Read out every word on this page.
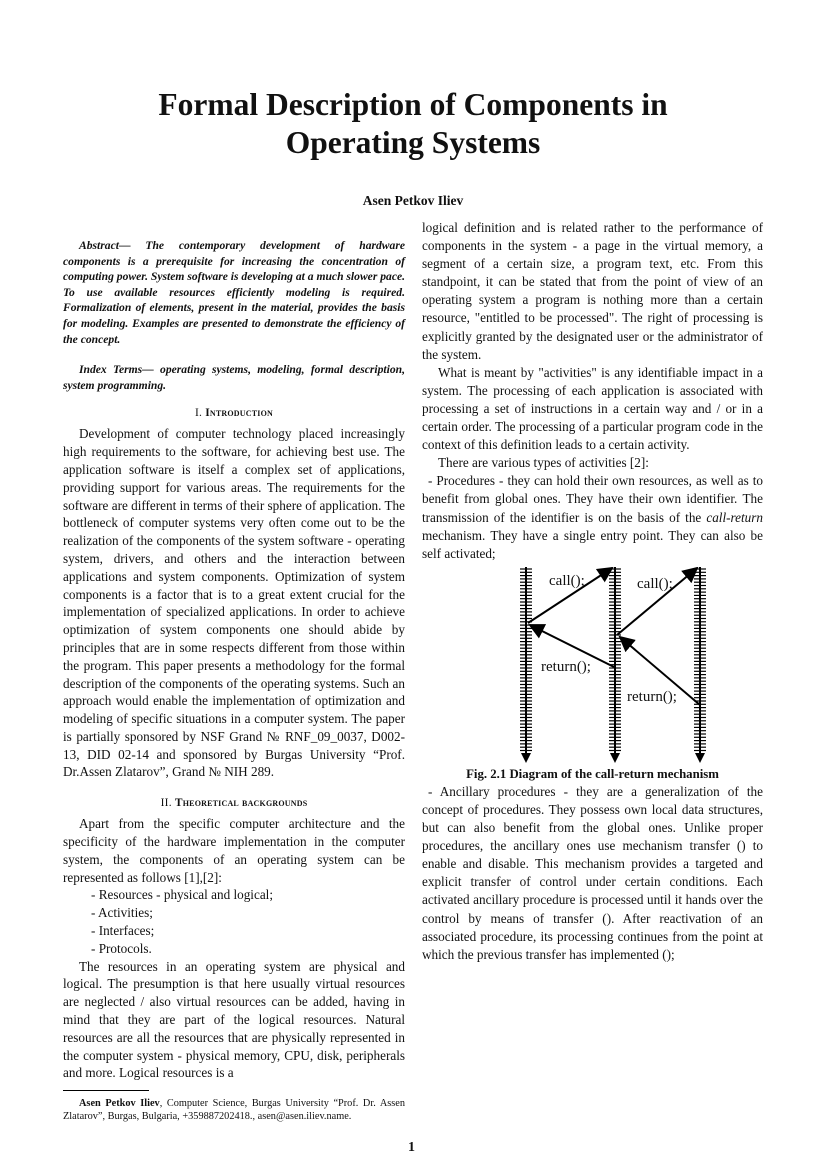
Formal Description of Components in
Operating Systems
Asen Petkov Iliev

Abstract— The contemporary development of hardware components is a prerequisite for increasing the concentration of computing power. System software is developing at a much slower pace. To use available resources efficiently modeling is required. Formalization of elements, present in the material, provides the basis for modeling. Examples are presented to demonstrate the efficiency of the concept.

Index Terms— operating systems, modeling, formal description, system programming.

I. Introduction

Development of computer technology placed increasingly high requirements to the software, for achieving best use. The application software is itself a complex set of applications, providing support for various areas. The requirements for the software are different in terms of their sphere of application. The bottleneck of computer systems very often come out to be the realization of the components of the system software - operating system, drivers, and others and the interaction between applications and system components. Optimization of system components is a factor that is to a great extent crucial for the implementation of specialized applications. In order to achieve optimization of system components one should abide by principles that are in some respects different from those within the program. This paper presents a methodology for the formal description of the components of the operating systems. Such an approach would enable the implementation of optimization and modeling of specific situations in a computer system. The paper is partially sponsored by NSF Grand № RNF_09_0037, D002-13, DID 02-14 and sponsored by Burgas University “Prof. Dr.Assen Zlatarov”, Grand № NIH 289.

II. Theoretical backgrounds

Apart from the specific computer architecture and the specificity of the hardware implementation in the computer system, the components of an operating system can be represented as follows [1],[2]:

- Resources - physical and logical;

- Activities;

- Interfaces;

- Protocols.

The resources in an operating system are physical and logical. The presumption is that here usually virtual resources are neglected / also virtual resources can be added, having in mind that they are part of the logical resources. Natural resources are all the resources that are physically represented in the computer system - physical memory, CPU, disk, peripherals and more. Logical resources is a

Asen Petkov Iliev, Computer Science, Burgas University “Prof. Dr. Assen Zlatarov”, Burgas, Bulgaria, +359887202418., asen@asen.iliev.name.

logical definition and is related rather to the performance of components in the system - a page in the virtual memory, a segment of a certain size, a program text, etc. From this standpoint, it can be stated that from the point of view of an operating system a program is nothing more than a certain resource, "entitled to be processed". The right of processing is explicitly granted by the designated user or the administrator of the system.

What is meant by "activities" is any identifiable impact in a system. The processing of each application is associated with processing a set of instructions in a certain way and / or in a certain order. The processing of a particular program code in the context of this definition leads to a certain activity.

There are various types of activities [2]:

- Procedures - they can hold their own resources, as well as to benefit from global ones. They have their own identifier. The transmission of the identifier is on the basis of the call-return mechanism. They have a single entry point. They can also be self activated;

call();	call();
return();
return();

Fig. 2.1 Diagram of the call-return mechanism

- Ancillary procedures - they are a generalization of the concept of procedures. They possess own local data structures, but can also benefit from the global ones. Unlike proper procedures, the ancillary ones use mechanism transfer () to enable and disable. This mechanism provides a targeted and explicit transfer of control under certain conditions. Each activated ancillary procedure is processed until it hands over the control by means of transfer (). After reactivation of an associated procedure, its processing continues from the point at which the previous transfer has implemented ();

1
